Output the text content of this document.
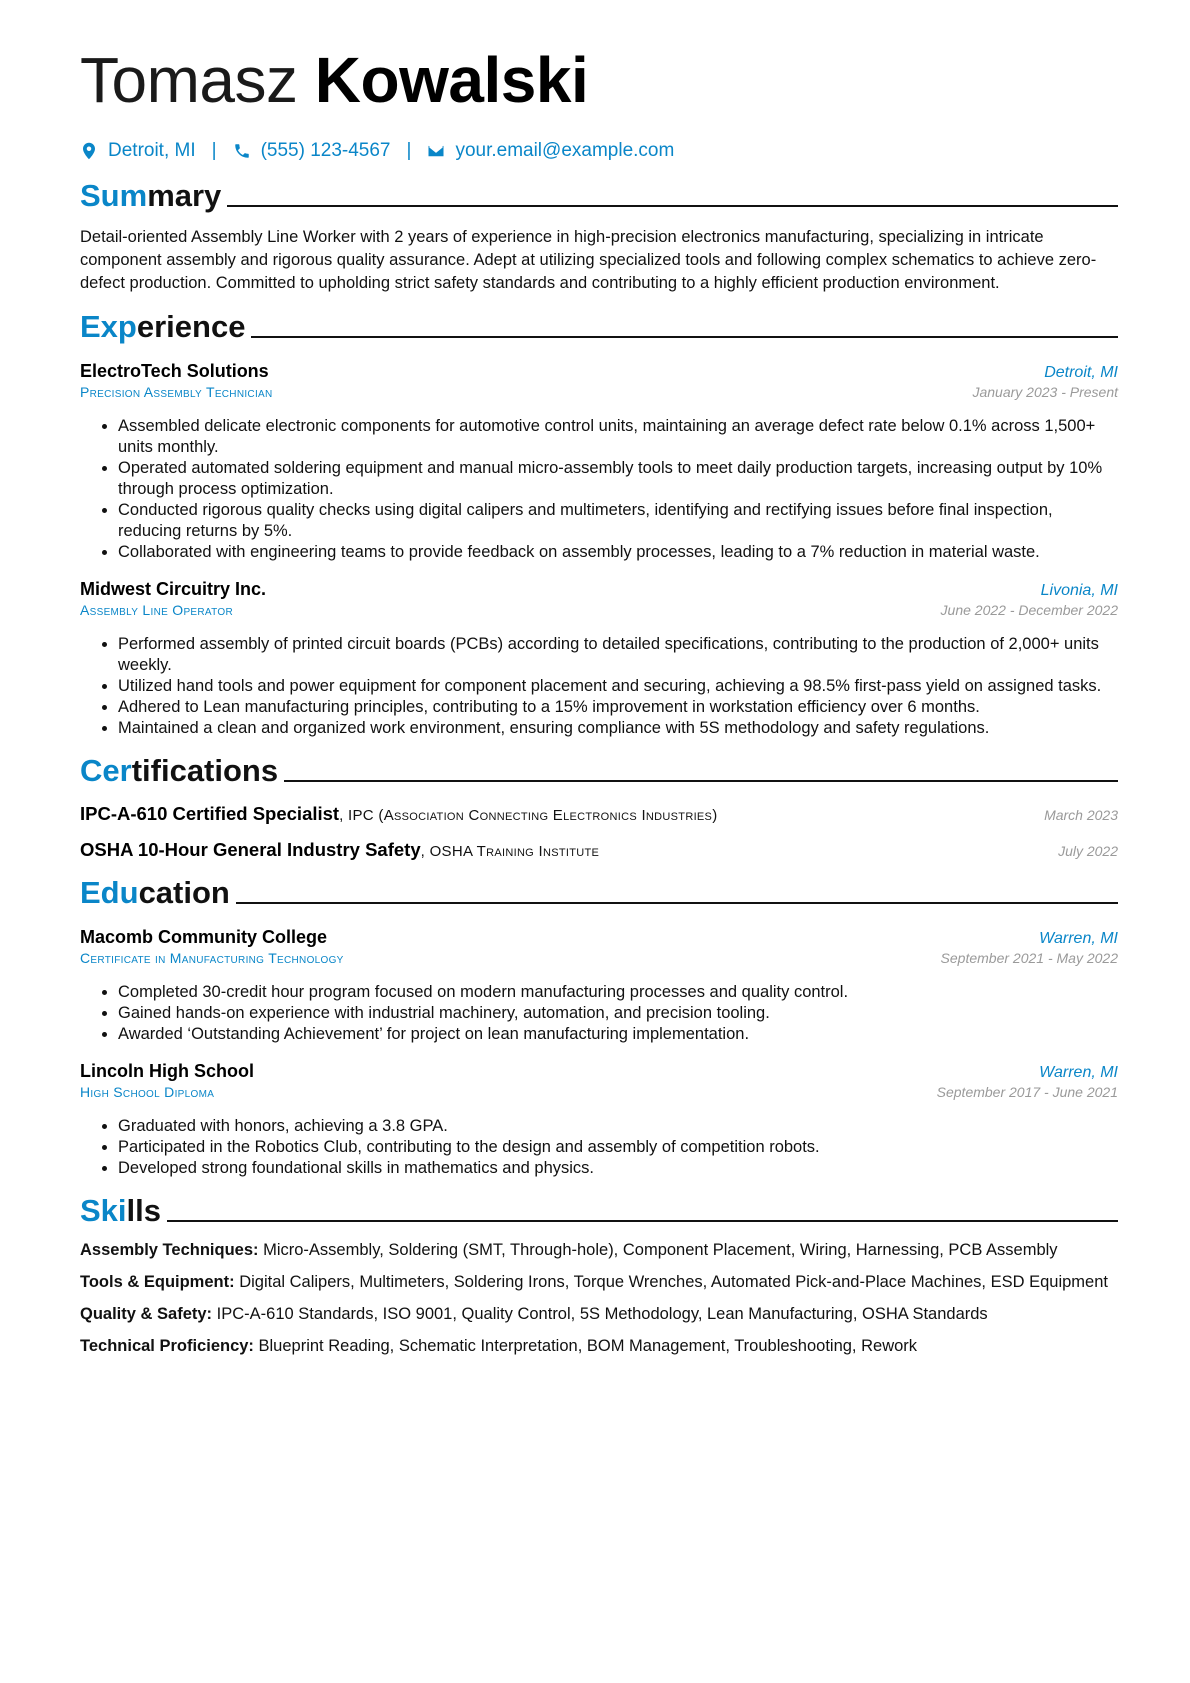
Tomasz Kowalski
Detroit, MI | (555) 123-4567 | your.email@example.com
Summary

Detail-oriented Assembly Line Worker with 2 years of experience in high-precision electronics manufacturing, specializing in intricate component assembly and rigorous quality assurance. Adept at utilizing specialized tools and following complex schematics to achieve zero-defect production. Committed to upholding strict safety standards and contributing to a highly efficient production environment.

Experience
ElectroTech Solutions	Detroit, MI
Precision Assembly Technician	January 2023 - Present
• Assembled delicate electronic components for automotive control units, maintaining an average defect rate below 0.1% across 1,500+ units monthly.
• Operated automated soldering equipment and manual micro-assembly tools to meet daily production targets, increasing output by 10% through process optimization.
• Conducted rigorous quality checks using digital calipers and multimeters, identifying and rectifying issues before final inspection, reducing returns by 5%.
• Collaborated with engineering teams to provide feedback on assembly processes, leading to a 7% reduction in material waste.
Midwest Circuitry Inc.	Livonia, MI
Assembly Line Operator	June 2022 - December 2022
• Performed assembly of printed circuit boards (PCBs) according to detailed specifications, contributing to the production of 2,000+ units weekly.
• Utilized hand tools and power equipment for component placement and securing, achieving a 98.5% first-pass yield on assigned tasks.
• Adhered to Lean manufacturing principles, contributing to a 15% improvement in workstation efficiency over 6 months.
• Maintained a clean and organized work environment, ensuring compliance with 5S methodology and safety regulations.
Certifications
IPC-A-610 Certified Specialist, IPC (Association Connecting Electronics Industries)	March 2023
OSHA 10-Hour General Industry Safety, OSHA Training Institute	July 2022
Education
Macomb Community College	Warren, MI
Certificate in Manufacturing Technology	September 2021 - May 2022
• Completed 30-credit hour program focused on modern manufacturing processes and quality control.
• Gained hands-on experience with industrial machinery, automation, and precision tooling.
• Awarded ‘Outstanding Achievement’ for project on lean manufacturing implementation.
Lincoln High School	Warren, MI
High School Diploma	September 2017 - June 2021
• Graduated with honors, achieving a 3.8 GPA.
• Participated in the Robotics Club, contributing to the design and assembly of competition robots.
• Developed strong foundational skills in mathematics and physics.
Skills
Assembly Techniques: Micro-Assembly, Soldering (SMT, Through-hole), Component Placement, Wiring, Harnessing, PCB Assembly
Tools & Equipment: Digital Calipers, Multimeters, Soldering Irons, Torque Wrenches, Automated Pick-and-Place Machines, ESD Equipment
Quality & Safety: IPC-A-610 Standards, ISO 9001, Quality Control, 5S Methodology, Lean Manufacturing, OSHA Standards
Technical Proficiency: Blueprint Reading, Schematic Interpretation, BOM Management, Troubleshooting, Rework
